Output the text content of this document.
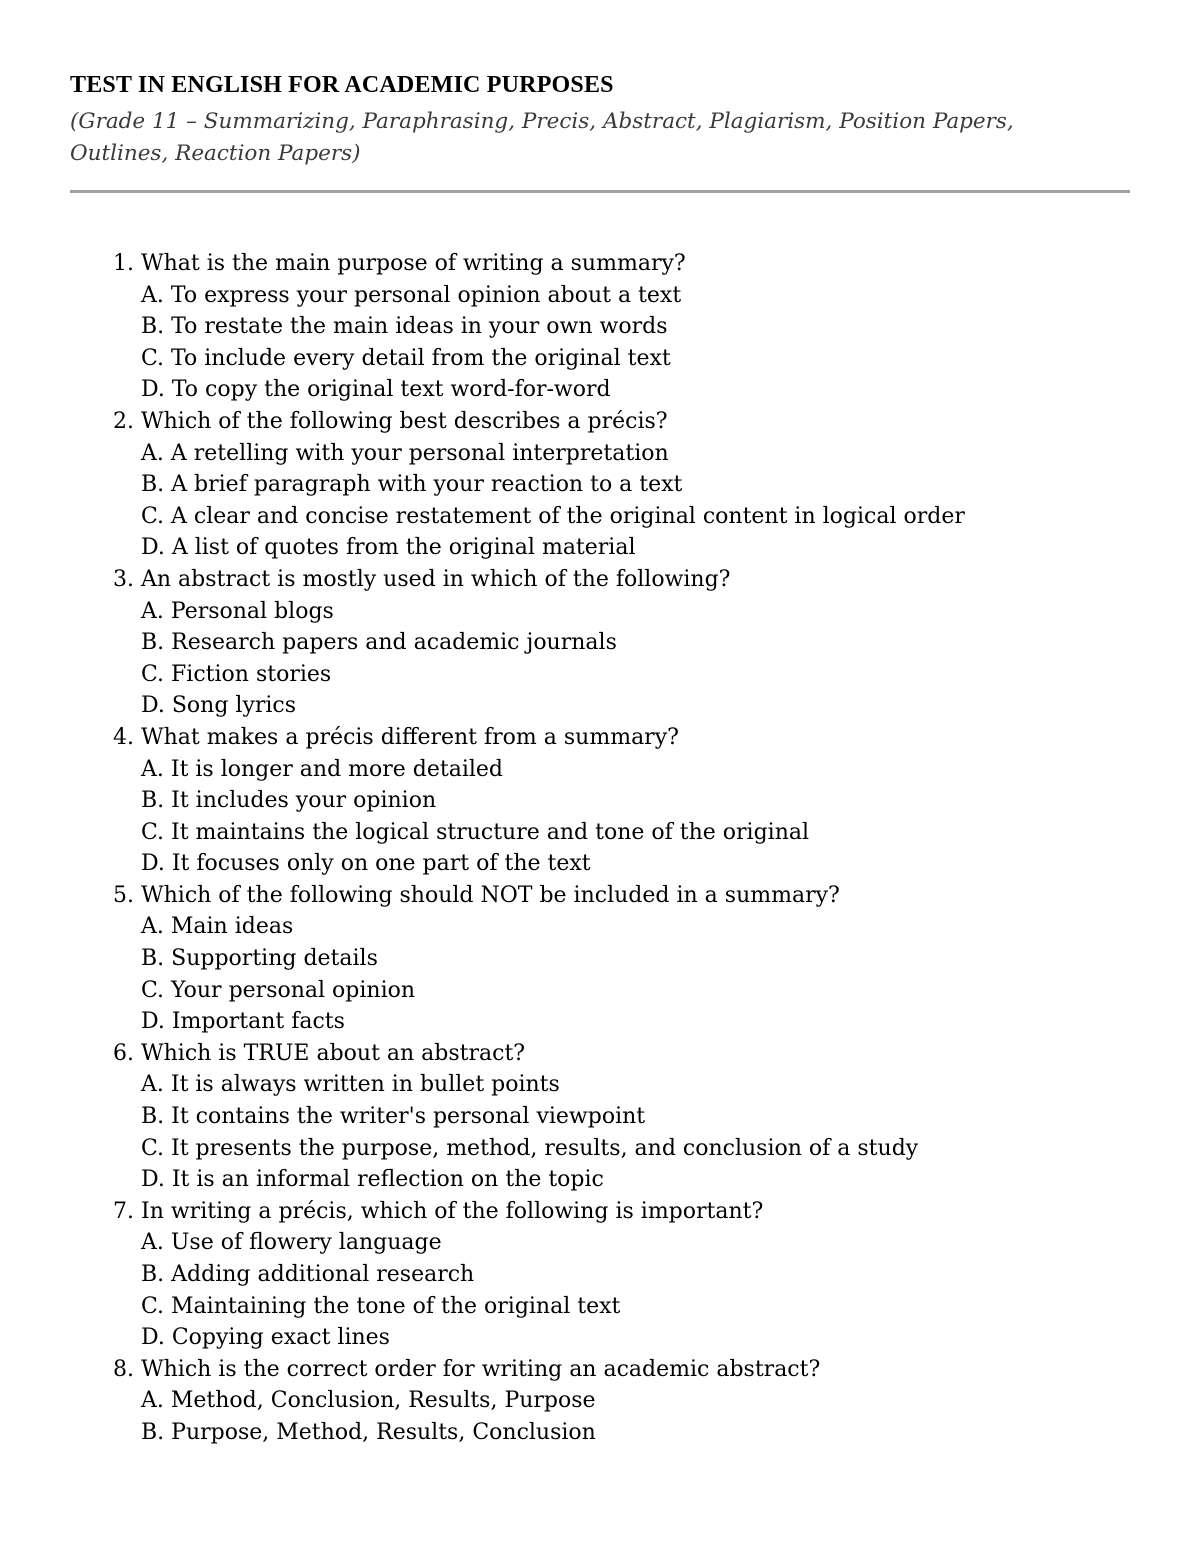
TEST IN ENGLISH FOR ACADEMIC PURPOSES
(Grade 11 – Summarizing, Paraphrasing, Precis, Abstract, Plagiarism, Position Papers, Outlines, Reaction Papers)
1. What is the main purpose of writing a summary?
A. To express your personal opinion about a text
B. To restate the main ideas in your own words
C. To include every detail from the original text
D. To copy the original text word-for-word
2. Which of the following best describes a précis?
A. A retelling with your personal interpretation
B. A brief paragraph with your reaction to a text
C. A clear and concise restatement of the original content in logical order
D. A list of quotes from the original material
3. An abstract is mostly used in which of the following?
A. Personal blogs
B. Research papers and academic journals
C. Fiction stories
D. Song lyrics
4. What makes a précis different from a summary?
A. It is longer and more detailed
B. It includes your opinion
C. It maintains the logical structure and tone of the original
D. It focuses only on one part of the text
5. Which of the following should NOT be included in a summary?
A. Main ideas
B. Supporting details
C. Your personal opinion
D. Important facts
6. Which is TRUE about an abstract?
A. It is always written in bullet points
B. It contains the writer's personal viewpoint
C. It presents the purpose, method, results, and conclusion of a study
D. It is an informal reflection on the topic
7. In writing a précis, which of the following is important?
A. Use of flowery language
B. Adding additional research
C. Maintaining the tone of the original text
D. Copying exact lines
8. Which is the correct order for writing an academic abstract?
A. Method, Conclusion, Results, Purpose
B. Purpose, Method, Results, Conclusion
